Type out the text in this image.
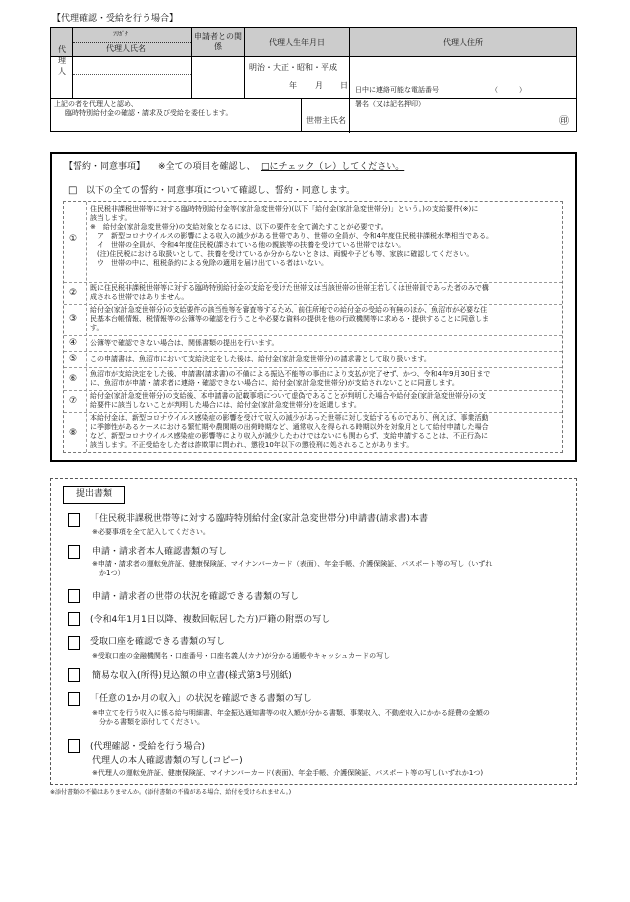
【代理確認・受給を行う場合】
代理人
ﾌﾘｶﾞﾅ
代理人氏名
申請者との関係	代理人生年月日
明治・大正・昭和・平成
年 月 日
代理人住所
日中に連絡可能な電話番号	（　　　）
上記の者を代理人と認め、
臨時特別給付金の確認・請求及び受給を委任します。
世帯主氏名
署名（又は記名押印）
㊞
【誓約・同意事項】 ※全ての項目を確認し、 □にチェック（レ）してください。
□ 以下の全ての誓約・同意事項について確認し、誓約・同意します。
①
住民税非課税世帯等に対する臨時特別給付金等(家計急変世帯分)(以下「給付金(家計急変世帯分)」という。)の支給要件(※)に
該当します。
※　給付金(家計急変世帯分)の支給対象となるには、以下の要件を全て満たすことが必要です。
　ア　新型コロナウイルスの影響による収入の減少がある世帯であり、世帯の全員が、令和4年度住民税非課税水準相当である。
　イ　世帯の全員が、令和4年度住民税(課されている他の親族等の扶養を受けている世帯ではない。
　(注)住民税における取扱いとして、扶養を受けているか分からないときは、両親や子ども等、家族に確認してください。
　ウ　世帯の中に、租税条約による免除の適用を届け出ている者はいない。
② 既に住民税非課税世帯等に対する臨時特別給付金の支給を受けた世帯又は当該世帯の世帯主若しくは世帯員であった者のみで構
成される世帯ではありません。
③
給付金(家計急変世帯分)の支給要件の該当性等を審査等するため、前住所地での給付金の受給の有無のほか、魚沼市が必要な住
民基本台帳情報、税情報等の公簿等の確認を行うことや必要な資料の提供を他の行政機関等に求める・提供することに同意しま
す。
④ 公簿等で確認できない場合は、関係書類の提出を行います。
⑤ この申請書は、魚沼市において支給決定をした後は、給付金(家計急変世帯分)の請求書として取り扱います。
⑥ 魚沼市が支給決定をした後、申請書(請求書)の不備による振込不能等の事由により支払が完了せず、かつ、令和4年9月30日まで
に、魚沼市が申請・請求者に連絡・確認できない場合に、給付金(家計急変世帯分)が支給されないことに同意します。
⑦ 給付金(家計急変世帯分)の支給後、本申請書の記載事項について虚偽であることが判明した場合や給付金(家計急変世帯分)の支
給要件に該当しないことが判明した場合には、給付金(家計急変世帯分)を返還します。
⑧
本給付金は、新型コロナウイルス感染症の影響を受けて収入の減少があった世帯に対し支給するものであり、例えば、事業活動
に季節性があるケースにおける繁忙期や農閑期の出荷時期など、通常収入を得られる時期以外を対象月として給付申請した場合
など、新型コロナウイルス感染症の影響等により収入が減少したわけではないにも関わらず、支給申請することは、不正行為に
該当します。不正受給をした者は詐欺罪に問われ、懲役10年以下の懲役刑に処されることがあります。
提出書類
「住民税非課税世帯等に対する臨時特別給付金(家計急変世帯分)申請書(請求書)本書
※必要事項を全て記入してください。
申請・請求者本人確認書類の写し
※申請・請求者の運転免許証、健康保険証、マイナンバーカード（表面）、年金手帳、介護保険証、パスポート等の写し（いずれ
　か1つ）
申請・請求者の世帯の状況を確認できる書類の写し
(令和4年1月1日以降、複数回転居した方)戸籍の附票の写し
受取口座を確認できる書類の写し
※受取口座の金融機関名・口座番号・口座名義人(カナ)が分かる通帳やキャッシュカードの写し
簡易な収入(所得)見込額の申立書(様式第3号別紙)
「任意の1か月の収入」の状況を確認できる書類の写し
※申立てを行う収入に係る給与明細書、年金振込通知書等の収入額が分かる書類、事業収入、不動産収入にかかる経費の金額の
　分かる書類を添付してください。
(代理確認・受給を行う場合)
代理人の本人確認書類の写し(コピー)
※代理人の運転免許証、健康保険証、マイナンバーカード(表面)、年金手帳、介護保険証、パスポート等の写し(いずれか1つ)
※添付書類の不備はありませんか。(添付書類の不備がある場合、給付を受けられません。)
